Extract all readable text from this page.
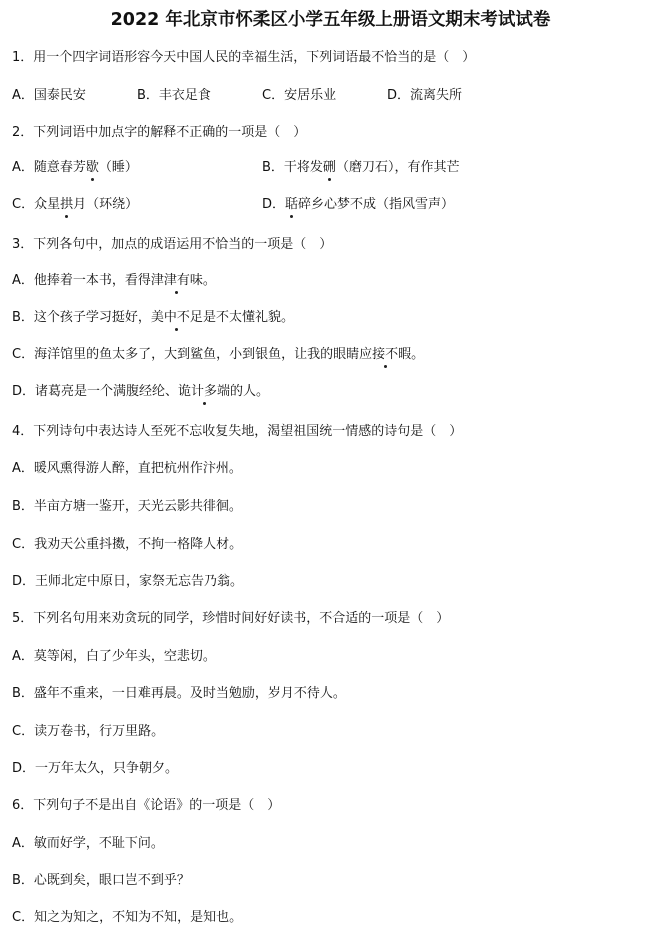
2022 年北京市怀柔区小学五年级上册语文期末考试试卷
1．用一个四字词语形容今天中国人民的幸福生活，下列词语最不恰当的是（　）
A．国泰民安	B．丰衣足食	C．安居乐业	D．流离失所
2．下列词语中加点字的解释不正确的一项是（　）
A．随意春芳歇（睡）	B．干将发硎（磨刀石），有作其芒
C．众星拱月（环绕）	D．聒碎乡心梦不成（指风雪声）
3．下列各句中，加点的成语运用不恰当的一项是（　）
A．他捧着一本书，看得津津有味。
B．这个孩子学习挺好，美中不足是不太懂礼貌。
C．海洋馆里的鱼太多了，大到鲨鱼，小到银鱼，让我的眼睛应接不暇。
D．诸葛亮是一个满腹经纶、诡计多端的人。
4．下列诗句中表达诗人至死不忘收复失地，渴望祖国统一情感的诗句是（　）
A．暖风熏得游人醉，直把杭州作汴州。
B．半亩方塘一鉴开，天光云影共徘徊。
C．我劝天公重抖擞，不拘一格降人材。
D．王师北定中原日，家祭无忘告乃翁。
5．下列名句用来劝贪玩的同学，珍惜时间好好读书，不合适的一项是（　）
A．莫等闲，白了少年头，空悲切。
B．盛年不重来，一日难再晨。及时当勉励，岁月不待人。
C．读万卷书，行万里路。
D．一万年太久，只争朝夕。
6．下列句子不是出自《论语》的一项是（　）
A．敏而好学，不耻下问。
B．心既到矣，眼口岂不到乎？
C．知之为知之，不知为不知，是知也。
